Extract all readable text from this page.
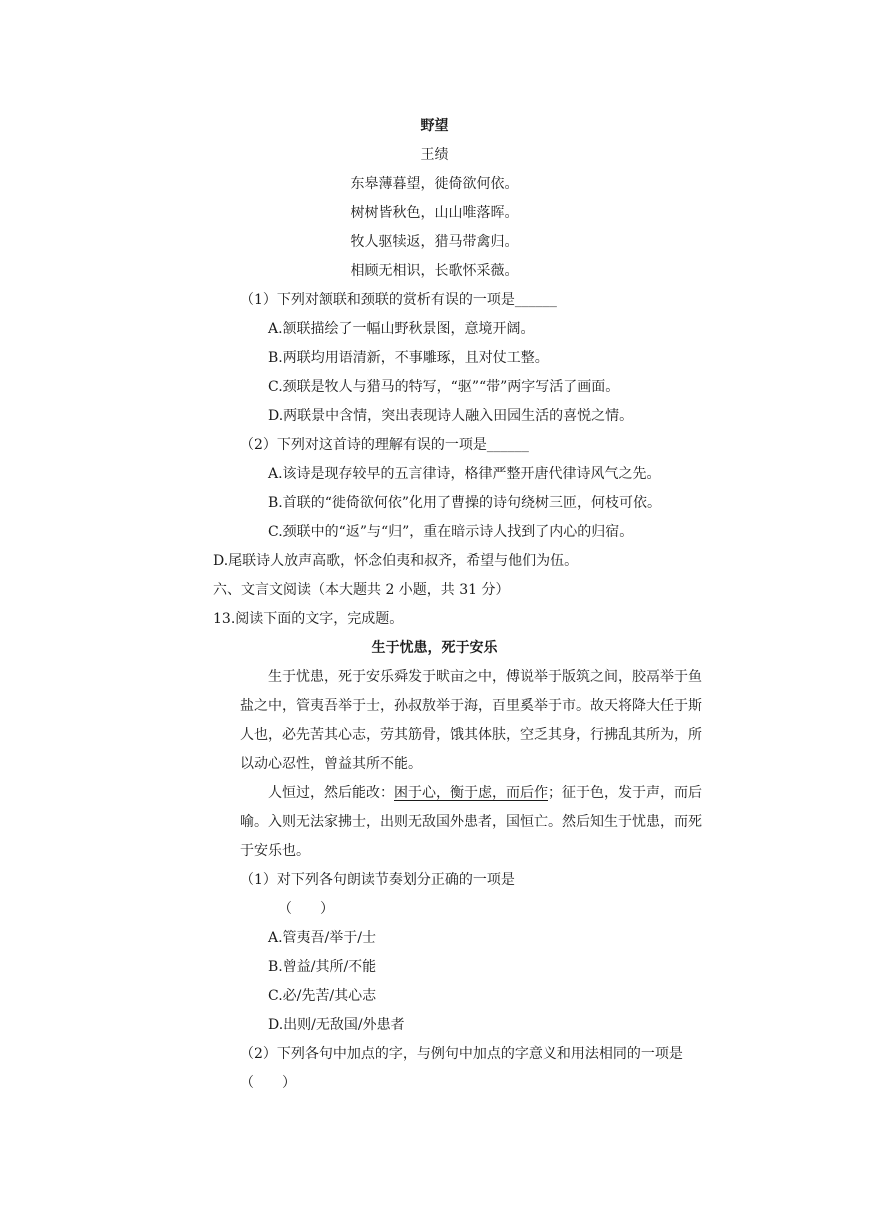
野望
王绩
东皋薄暮望，徙倚欲何依。
树树皆秋色，山山唯落晖。
牧人驱犊返，猎马带禽归。
相顾无相识，长歌怀采薇。
（1）下列对颔联和颈联的赏析有误的一项是______
A.颔联描绘了一幅山野秋景图，意境开阔。
B.两联均用语清新，不事雕琢，且对仗工整。
C.颈联是牧人与猎马的特写，“驱”“带”两字写活了画面。
D.两联景中含情，突出表现诗人融入田园生活的喜悦之情。
（2）下列对这首诗的理解有误的一项是______
A.该诗是现存较早的五言律诗，格律严整开唐代律诗风气之先。
B.首联的“徙倚欲何依”化用了曹操的诗句绕树三匝，何枝可依。
C.颈联中的“返”与“归”，重在暗示诗人找到了内心的归宿。
D.尾联诗人放声高歌，怀念伯夷和叔齐，希望与他们为伍。
六、文言文阅读（本大题共 2 小题，共 31 分）
13.阅读下面的文字，完成题。
生于忧患，死于安乐
生于忧患，死于安乐舜发于畎亩之中，傅说举于版筑之间，胶鬲举于鱼
盐之中，管夷吾举于士，孙叔敖举于海，百里奚举于市。故天将降大任于斯
人也，必先苦其心志，劳其筋骨，饿其体肤，空乏其身，行拂乱其所为，所
以动心忍性，曾益其所不能。
人恒过，然后能改：困于心，衡于虑，而后作；征于色，发于声，而后
喻。入则无法家拂士，出则无敌国外患者，国恒亡。然后知生于忧患，而死
于安乐也。
（1）对下列各句朗读节奏划分正确的一项是
（　　）
A.管夷吾/举于/士
B.曾益/其所/不能
C.必/先苦/其心志
D.出则/无敌国/外患者
（2）下列各句中加点的字，与例句中加点的字意义和用法相同的一项是
（　　）
